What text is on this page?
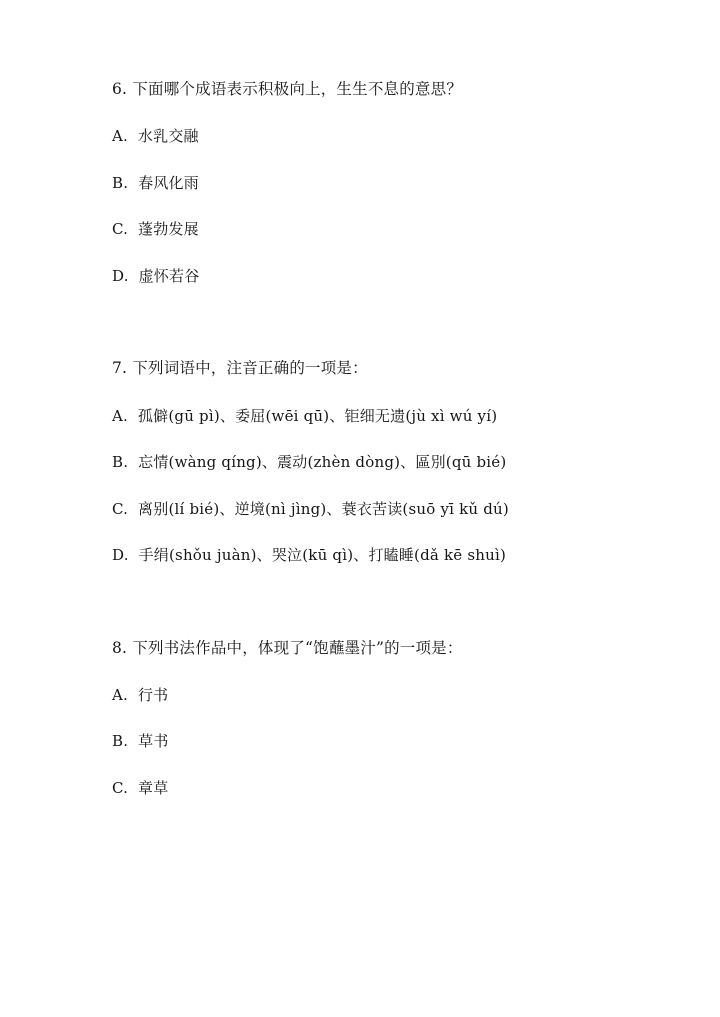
6. 下面哪个成语表示积极向上，生生不息的意思？

A.  水乳交融

B.  春风化雨

C.  蓬勃发展

D.  虚怀若谷

7. 下列词语中，注音正确的一项是：

A.  孤僻(gū pì)、委屈(wēi qū)、钜细无遗(jù xì wú yí)

B.  忘情(wàng qíng)、震动(zhèn dòng)、區別(qū bié)

C.  离别(lí bié)、逆境(nì jìng)、蓑衣苦读(suō yī kǔ dú)

D.  手绢(shǒu juàn)、哭泣(kū qì)、打瞌睡(dǎ kē shuì)

8. 下列书法作品中，体现了“饱蘸墨汁”的一项是：

A.  行书

B.  草书

C.  章草
